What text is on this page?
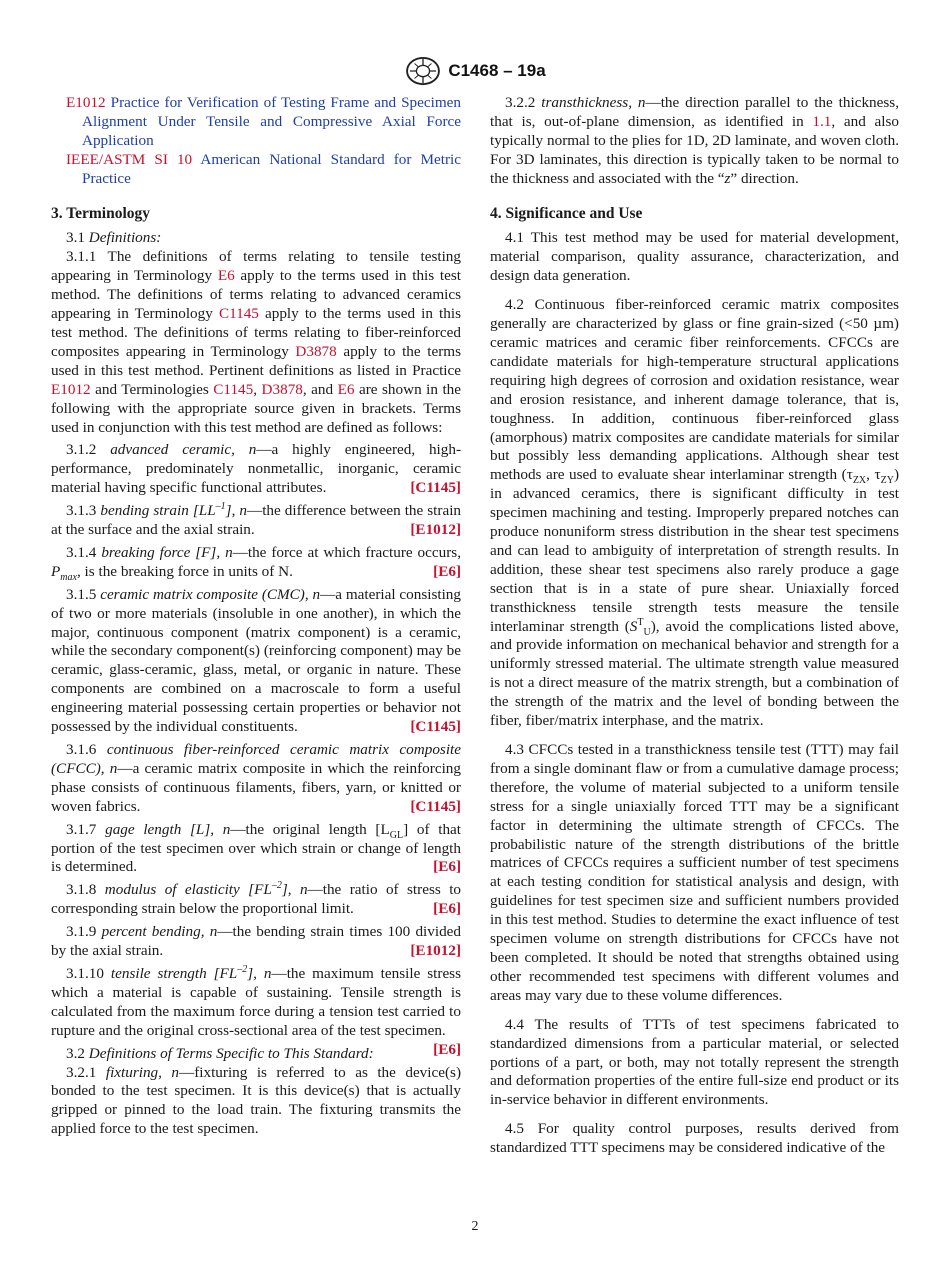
C1468 – 19a

E1012 Practice for Verification of Testing Frame and Specimen Alignment Under Tensile and Compressive Axial Force Application

IEEE/ASTM SI 10 American National Standard for Metric Practice

3. Terminology

3.1 Definitions:

3.1.1 The definitions of terms relating to tensile testing appearing in Terminology E6 apply to the terms used in this test method. The definitions of terms relating to advanced ceramics appearing in Terminology C1145 apply to the terms used in this test method. The definitions of terms relating to fiber-reinforced composites appearing in Terminology D3878 apply to the terms used in this test method. Pertinent definitions as listed in Practice E1012 and Terminologies C1145, D3878, and E6 are shown in the following with the appropriate source given in brackets. Terms used in conjunction with this test method are defined as follows:

3.1.2 advanced ceramic, n—a highly engineered, high-performance, predominately nonmetallic, inorganic, ceramic material having specific functional attributes.	[C1145]

3.1.3 bending strain $[LL^{-1}]$, n—the difference between the strain at the surface and the axial strain.	[E1012]

3.1.4 breaking force [F], n—the force at which fracture occurs, $P_{max}$, is the breaking force in units of N.	[E6]

3.1.5 ceramic matrix composite (CMC), n—a material consisting of two or more materials (insoluble in one another), in which the major, continuous component (matrix component) is a ceramic, while the secondary component(s) (reinforcing component) may be ceramic, glass-ceramic, glass, metal, or organic in nature. These components are combined on a macroscale to form a useful engineering material possessing certain properties or behavior not possessed by the individual constituents.	[C1145]

3.1.6 continuous fiber-reinforced ceramic matrix composite (CFCC), n—a ceramic matrix composite in which the reinforcing phase consists of continuous filaments, fibers, yarn, or knitted or woven fabrics.	[C1145]

3.1.7 gage length [L], n—the original length $[L_{GL}]$ of that portion of the test specimen over which strain or change of length is determined.	[E6]

3.1.8 modulus of elasticity $[FL^{-2}]$, n—the ratio of stress to corresponding strain below the proportional limit.	[E6]

3.1.9 percent bending, n—the bending strain times 100 divided by the axial strain.	[E1012]

3.1.10 tensile strength $[FL^{-2}]$, n—the maximum tensile stress which a material is capable of sustaining. Tensile strength is calculated from the maximum force during a tension test carried to rupture and the original cross-sectional area of the test specimen.
[E6]

3.2 Definitions of Terms Specific to This Standard:

3.2.1 fixturing, n—fixturing is referred to as the device(s) bonded to the test specimen. It is this device(s) that is actually gripped or pinned to the load train. The fixturing transmits the applied force to the test specimen.

3.2.2 transthickness, n—the direction parallel to the thickness, that is, out-of-plane dimension, as identified in 1.1, and also typically normal to the plies for 1D, 2D laminate, and woven cloth. For 3D laminates, this direction is typically taken to be normal to the thickness and associated with the “z” direction.

4. Significance and Use

4.1 This test method may be used for material development, material comparison, quality assurance, characterization, and design data generation.

4.2 Continuous fiber-reinforced ceramic matrix composites generally are characterized by glass or fine grain-sized (<50 µm) ceramic matrices and ceramic fiber reinforcements. CFCCs are candidate materials for high-temperature structural applications requiring high degrees of corrosion and oxidation resistance, wear and erosion resistance, and inherent damage tolerance, that is, toughness. In addition, continuous fiber-reinforced glass (amorphous) matrix composites are candidate materials for similar but possibly less demanding applications. Although shear test methods are used to evaluate shear interlaminar strength ($\tau_{ZX}$, $\tau_{ZY}$) in advanced ceramics, there is significant difficulty in test specimen machining and testing. Improperly prepared notches can produce nonuniform stress distribution in the shear test specimens and can lead to ambiguity of interpretation of strength results. In addition, these shear test specimens also rarely produce a gage section that is in a state of pure shear. Uniaxially forced transthickness tensile strength tests measure the tensile interlaminar strength $(S^T_U)$, avoid the complications listed above, and provide information on mechanical behavior and strength for a uniformly stressed material. The ultimate strength value measured is not a direct measure of the matrix strength, but a combination of the strength of the matrix and the level of bonding between the fiber, fiber/matrix interphase, and the matrix.

4.3 CFCCs tested in a transthickness tensile test (TTT) may fail from a single dominant flaw or from a cumulative damage process; therefore, the volume of material subjected to a uniform tensile stress for a single uniaxially forced TTT may be a significant factor in determining the ultimate strength of CFCCs. The probabilistic nature of the strength distributions of the brittle matrices of CFCCs requires a sufficient number of test specimens at each testing condition for statistical analysis and design, with guidelines for test specimen size and sufficient numbers provided in this test method. Studies to determine the exact influence of test specimen volume on strength distributions for CFCCs have not been completed. It should be noted that strengths obtained using other recommended test specimens with different volumes and areas may vary due to these volume differences.

4.4 The results of TTTs of test specimens fabricated to standardized dimensions from a particular material, or selected portions of a part, or both, may not totally represent the strength and deformation properties of the entire full-size end product or its in-service behavior in different environments.

4.5 For quality control purposes, results derived from standardized TTT specimens may be considered indicative of the

2
